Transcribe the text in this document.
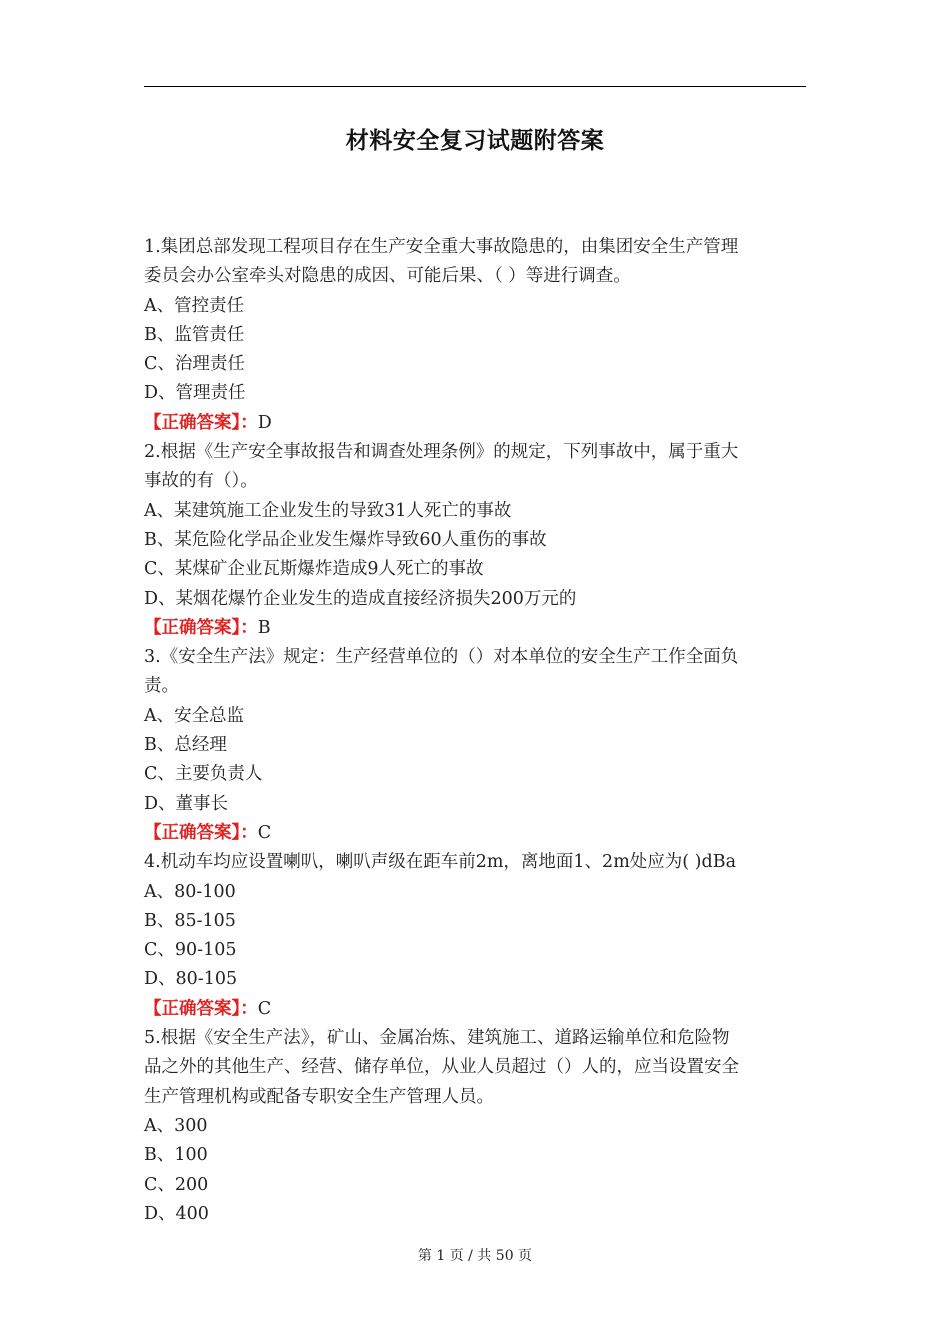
材料安全复习试题附答案
1.集团总部发现工程项目存在生产安全重大事故隐患的，由集团安全生产管理
委员会办公室牵头对隐患的成因、可能后果、（ ）等进行调查。
A、管控责任
B、监管责任
C、治理责任
D、管理责任
【正确答案】：D
2.根据《生产安全事故报告和调查处理条例》的规定，下列事故中，属于重大
事故的有（）。
A、某建筑施工企业发生的导致31人死亡的事故
B、某危险化学品企业发生爆炸导致60人重伤的事故
C、某煤矿企业瓦斯爆炸造成9人死亡的事故
D、某烟花爆竹企业发生的造成直接经济损失200万元的
【正确答案】：B
3.《安全生产法》规定：生产经营单位的（）对本单位的安全生产工作全面负
责。
A、安全总监
B、总经理
C、主要负责人
D、董事长
【正确答案】：C
4.机动车均应设置喇叭，喇叭声级在距车前2m，离地面1、2m处应为( )dBa
A、80-100
B、85-105
C、90-105
D、80-105
【正确答案】：C
5.根据《安全生产法》，矿山、金属冶炼、建筑施工、道路运输单位和危险物
品之外的其他生产、经营、储存单位，从业人员超过（）人的，应当设置安全
生产管理机构或配备专职安全生产管理人员。
A、300
B、100
C、200
D、400
第 1 页 / 共 50 页
